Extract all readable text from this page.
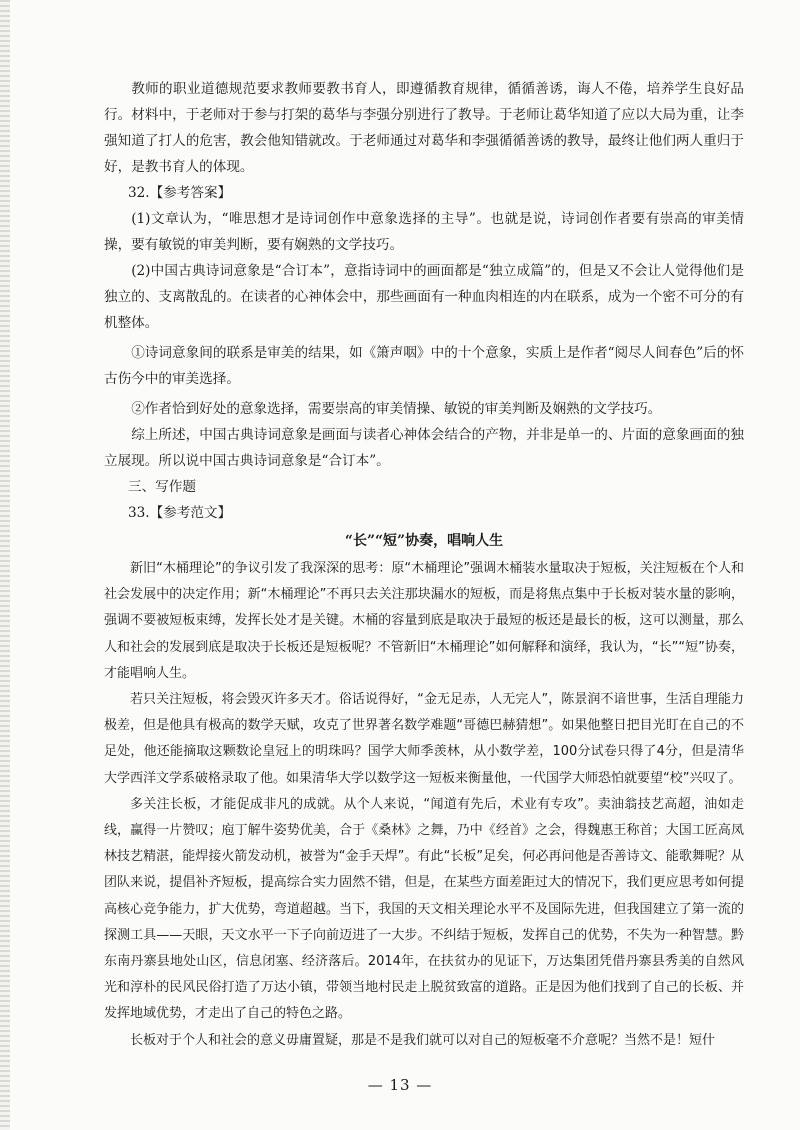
教师的职业道德规范要求教师要教书育人，即遵循教育规律，循循善诱，诲人不倦，培养学生良好品行。材料中，于老师对于参与打架的葛华与李强分别进行了教导。于老师让葛华知道了应以大局为重，让李强知道了打人的危害，教会他知错就改。于老师通过对葛华和李强循循善诱的教导，最终让他们两人重归于好，是教书育人的体现。

32.【参考答案】

(1)文章认为，“唯思想才是诗词创作中意象选择的主导”。也就是说，诗词创作者要有崇高的审美情操，要有敏锐的审美判断，要有娴熟的文学技巧。

(2)中国古典诗词意象是“合订本”，意指诗词中的画面都是“独立成篇”的，但是又不会让人觉得他们是独立的、支离散乱的。在读者的心神体会中，那些画面有一种血肉相连的内在联系，成为一个密不可分的有机整体。

①诗词意象间的联系是审美的结果，如《箫声咽》中的十个意象，实质上是作者“阅尽人间春色”后的怀古伤今中的审美选择。

②作者恰到好处的意象选择，需要崇高的审美情操、敏锐的审美判断及娴熟的文学技巧。

综上所述，中国古典诗词意象是画面与读者心神体会结合的产物，并非是单一的、片面的意象画面的独立展现。所以说中国古典诗词意象是“合订本”。

三、写作题

33.【参考范文】

“长”“短”协奏，唱响人生

新旧“木桶理论”的争议引发了我深深的思考：原“木桶理论”强调木桶装水量取决于短板，关注短板在个人和社会发展中的决定作用；新“木桶理论”不再只去关注那块漏水的短板，而是将焦点集中于长板对装水量的影响，强调不要被短板束缚，发挥长处才是关键。木桶的容量到底是取决于最短的板还是最长的板，这可以测量，那么人和社会的发展到底是取决于长板还是短板呢？不管新旧“木桶理论”如何解释和演绎，我认为，“长”“短”协奏，才能唱响人生。

若只关注短板，将会毁灭许多天才。俗话说得好，“金无足赤，人无完人”，陈景润不谙世事，生活自理能力极差，但是他具有极高的数学天赋，攻克了世界著名数学难题“哥德巴赫猜想”。如果他整日把目光盯在自己的不足处，他还能摘取这颗数论皇冠上的明珠吗？国学大师季羡林，从小数学差，100分试卷只得了4分，但是清华大学西洋文学系破格录取了他。如果清华大学以数学这一短板来衡量他，一代国学大师恐怕就要望“校”兴叹了。

多关注长板，才能促成非凡的成就。从个人来说，“闻道有先后，术业有专攻”。卖油翁技艺高超，油如走线，赢得一片赞叹；庖丁解牛姿势优美，合于《桑林》之舞，乃中《经首》之会，得魏惠王称首；大国工匠高凤林技艺精湛，能焊接火箭发动机，被誉为“金手天焊”。有此“长板”足矣，何必再问他是否善诗文、能歌舞呢？从团队来说，提倡补齐短板，提高综合实力固然不错，但是，在某些方面差距过大的情况下，我们更应思考如何提高核心竞争能力，扩大优势，弯道超越。当下，我国的天文相关理论水平不及国际先进，但我国建立了第一流的探测工具——天眼，天文水平一下子向前迈进了一大步。不纠结于短板，发挥自己的优势，不失为一种智慧。黔东南丹寨县地处山区，信息闭塞、经济落后。2014年，在扶贫办的见证下，万达集团凭借丹寨县秀美的自然风光和淳朴的民风民俗打造了万达小镇，带领当地村民走上脱贫致富的道路。正是因为他们找到了自己的长板、并发挥地域优势，才走出了自己的特色之路。

长板对于个人和社会的意义毋庸置疑，那是不是我们就可以对自己的短板毫不介意呢？当然不是！短什

— 13 —
